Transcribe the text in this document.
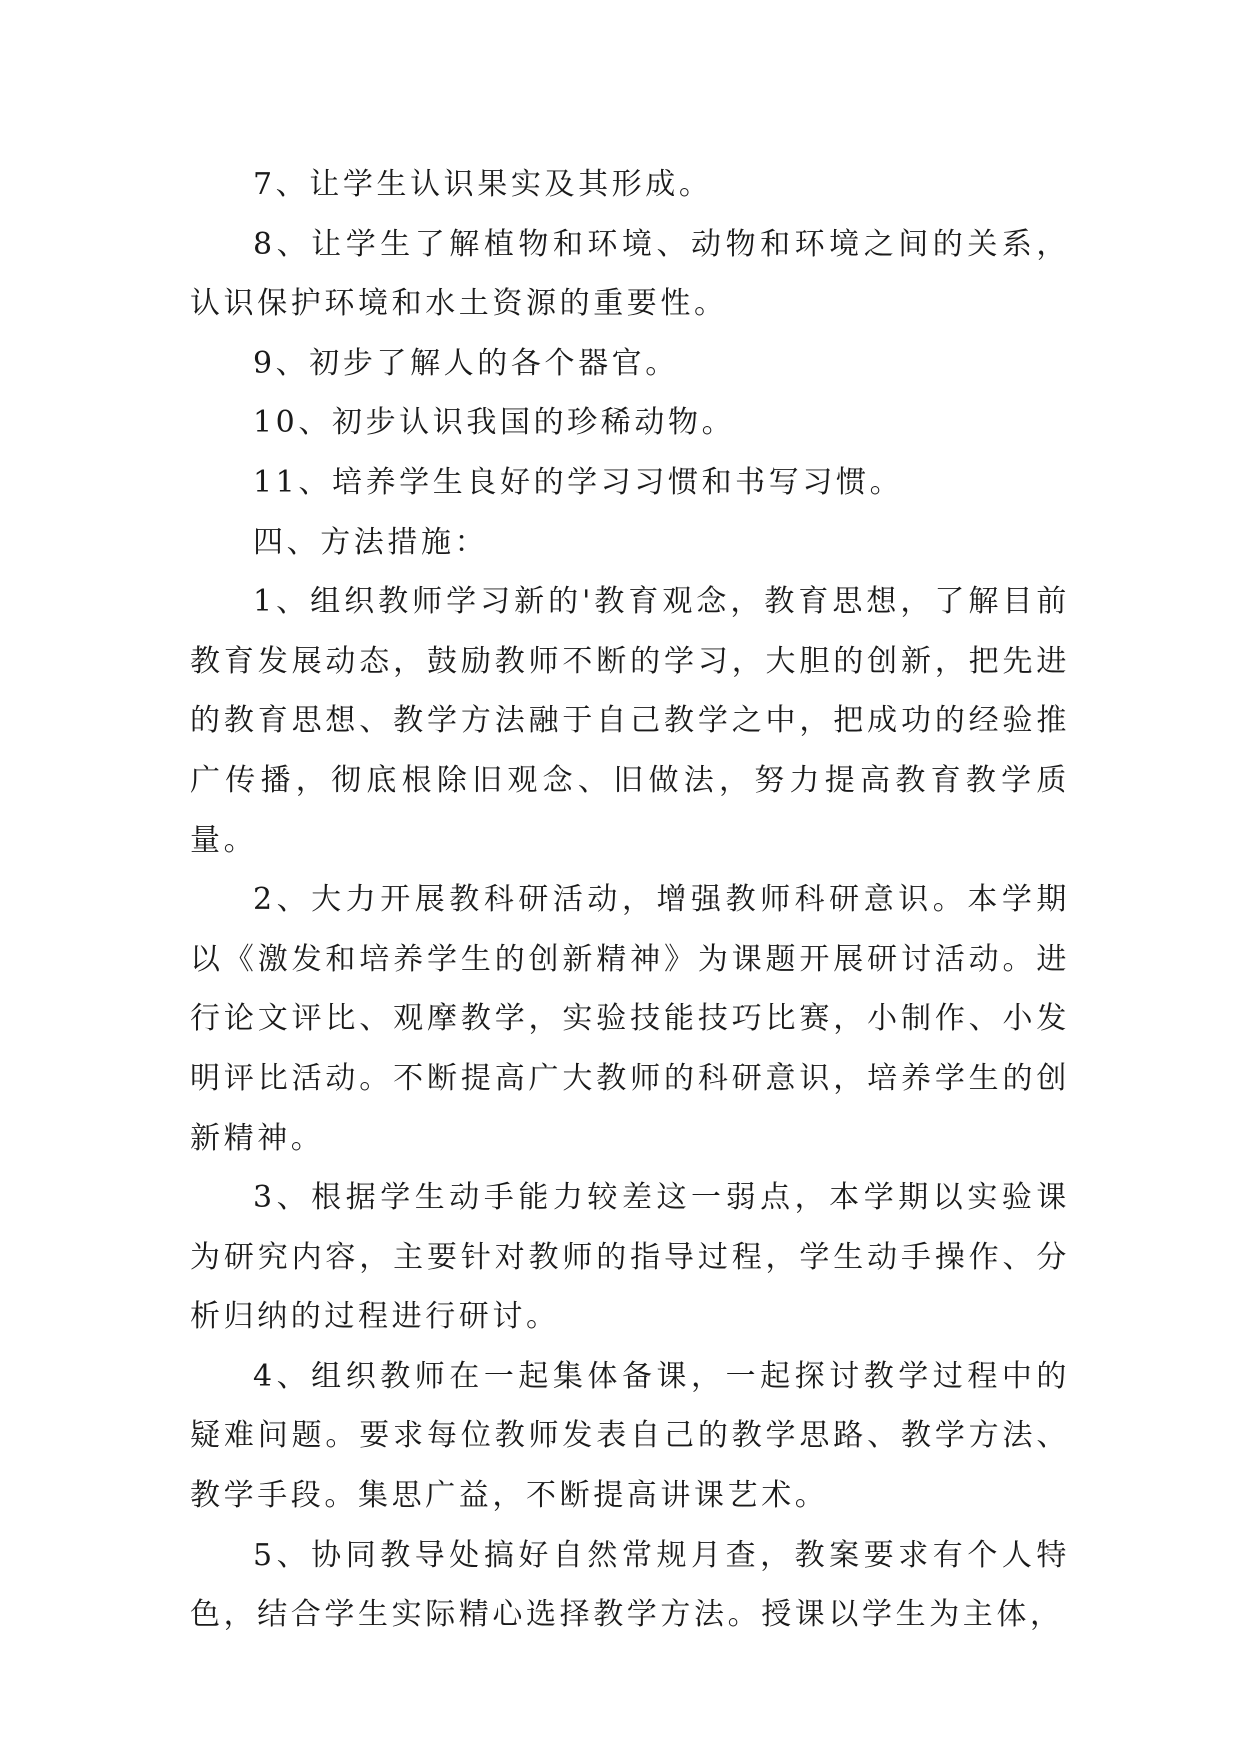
7、让学生认识果实及其形成。

8、让学生了解植物和环境、动物和环境之间的关系，认识保护环境和水土资源的重要性。

9、初步了解人的各个器官。

10、初步认识我国的珍稀动物。

11、培养学生良好的学习习惯和书写习惯。

四、方法措施：

1、组织教师学习新的'教育观念，教育思想，了解目前教育发展动态，鼓励教师不断的学习，大胆的创新，把先进的教育思想、教学方法融于自己教学之中，把成功的经验推广传播，彻底根除旧观念、旧做法，努力提高教育教学质量。

2、大力开展教科研活动，增强教师科研意识。本学期以《激发和培养学生的创新精神》为课题开展研讨活动。进行论文评比、观摩教学，实验技能技巧比赛，小制作、小发明评比活动。不断提高广大教师的科研意识，培养学生的创新精神。

3、根据学生动手能力较差这一弱点，本学期以实验课为研究内容，主要针对教师的指导过程，学生动手操作、分析归纳的过程进行研讨。

4、组织教师在一起集体备课，一起探讨教学过程中的疑难问题。要求每位教师发表自己的教学思路、教学方法、教学手段。集思广益，不断提高讲课艺术。

5、协同教导处搞好自然常规月查，教案要求有个人特色，结合学生实际精心选择教学方法。授课以学生为主体，
